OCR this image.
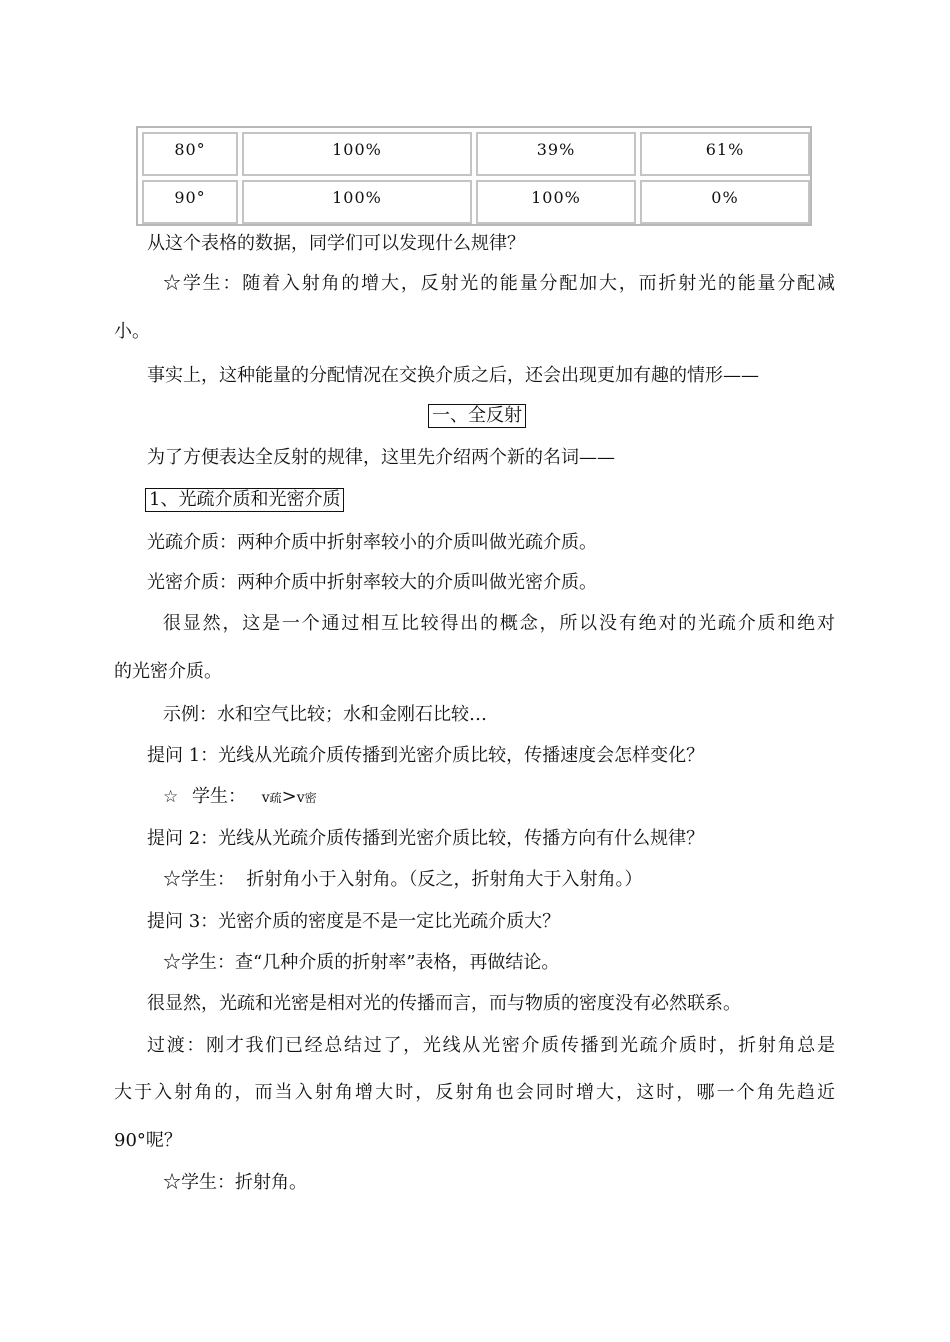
80°	100%	39%	61%
90°	100%	100%	0%
从这个表格的数据，同学们可以发现什么规律？
☆学生：随着入射角的增大，反射光的能量分配加大，而折射光的能量分配减
小。
事实上，这种能量的分配情况在交换介质之后，还会出现更加有趣的情形——
一、全反射
为了方便表达全反射的规律，这里先介绍两个新的名词——
1、光疏介质和光密介质
光疏介质：两种介质中折射率较小的介质叫做光疏介质。
光密介质：两种介质中折射率较大的介质叫做光密介质。
很显然，这是一个通过相互比较得出的概念，所以没有绝对的光疏介质和绝对
的光密介质。
示例：水和空气比较；水和金刚石比较…
提问 1：光线从光疏介质传播到光密介质比较，传播速度会怎样变化？
☆ 学生： v疏>v密
提问 2：光线从光疏介质传播到光密介质比较，传播方向有什么规律？
☆学生：  折射角小于入射角。（反之，折射角大于入射角。）
提问 3：光密介质的密度是不是一定比光疏介质大？
☆学生：查“几种介质的折射率”表格，再做结论。
很显然，光疏和光密是相对光的传播而言，而与物质的密度没有必然联系。
过渡：刚才我们已经总结过了，光线从光密介质传播到光疏介质时，折射角总是
大于入射角的，而当入射角增大时，反射角也会同时增大，这时，哪一个角先趋近
90°呢？
☆学生：折射角。
